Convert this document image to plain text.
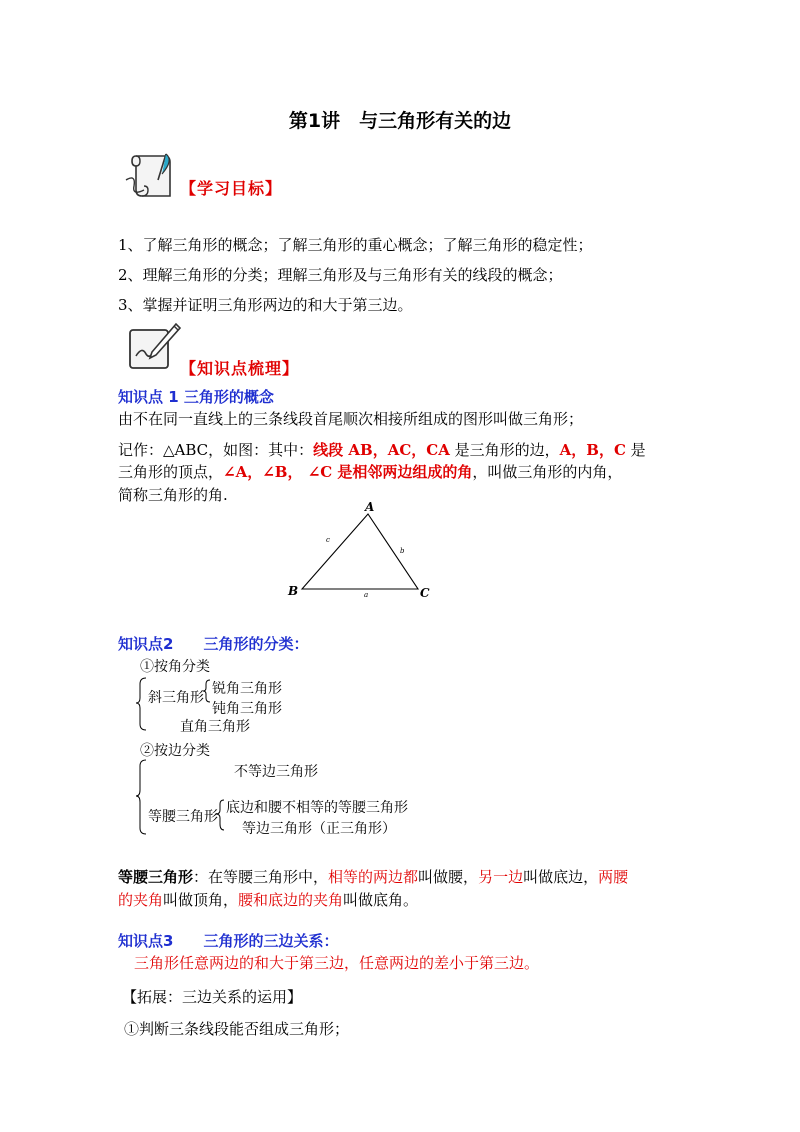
第1讲　与三角形有关的边
【学习目标】
1、了解三角形的概念；了解三角形的重心概念；了解三角形的稳定性；
2、理解三角形的分类；理解三角形及与三角形有关的线段的概念；
3、掌握并证明三角形两边的和大于第三边。
【知识点梳理】
知识点 1 三角形的概念
由不在同一直线上的三条线段首尾顺次相接所组成的图形叫做三角形；
记作：△ABC，如图：其中：线段 AB，AC，CA 是三角形的边，A，B，C 是
三角形的顶点，∠A，∠B， ∠C 是相邻两边组成的角，叫做三角形的内角，
简称三角形的角.
A
B	C
a
b
c
知识点2　　三角形的分类：
①按角分类
斜三角形
锐角三角形
钝角三角形
直角三角形
②按边分类
不等边三角形
等腰三角形
底边和腰不相等的等腰三角形
等边三角形（正三角形）
等腰三角形：在等腰三角形中，相等的两边都叫做腰，另一边叫做底边，两腰
的夹角叫做顶角，腰和底边的夹角叫做底角。
知识点3　　三角形的三边关系：
三角形任意两边的和大于第三边，任意两边的差小于第三边。
【拓展：三边关系的运用】
①判断三条线段能否组成三角形；
